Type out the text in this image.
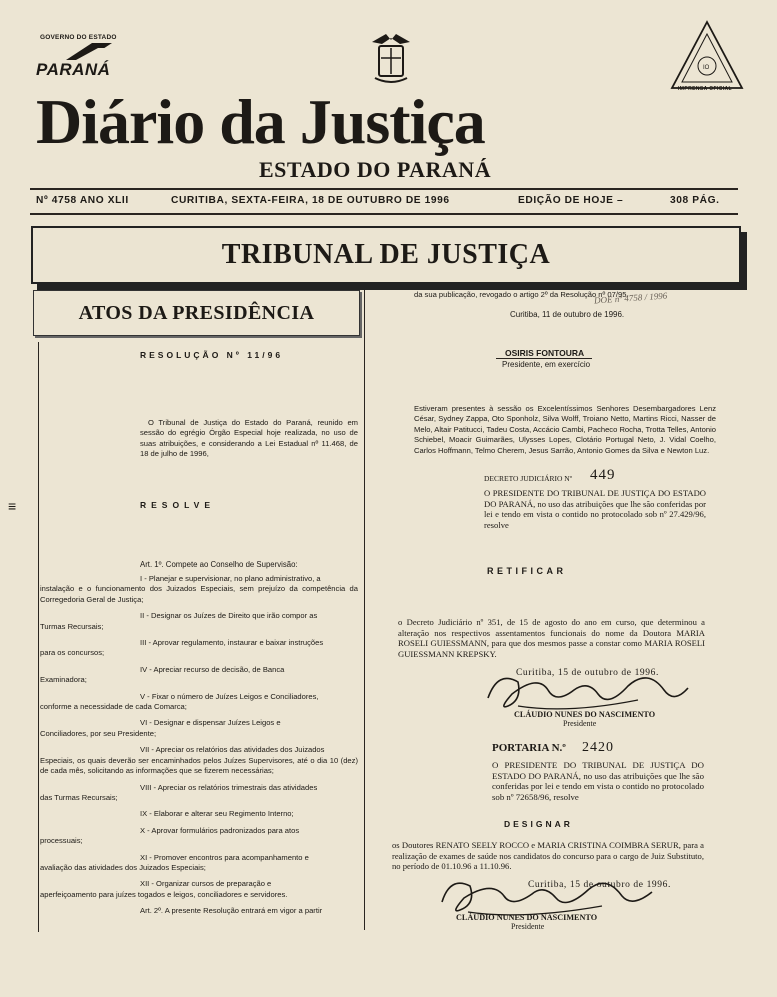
GOVERNO DO ESTADO
PARANÁ	IO
IMPRENSA OFICIAL
Diário da Justiça
ESTADO DO PARANÁ
Nº 4758 ANO XLII	CURITIBA, SEXTA-FEIRA, 18 DE OUTUBRO DE 1996	EDIÇÃO DE HOJE –	308 PÁG.
TRIBUNAL DE JUSTIÇA
ATOS DA PRESIDÊNCIA
≡
RESOLUÇÃO Nº 11/96
O Tribunal de Justiça do Estado do Paraná, reunido em sessão do egrégio Órgão Especial hoje realizada, no uso de suas atribuições, e considerando a Lei Estadual nº 11.468, de 18 de julho de 1996,
RESOLVE
Art. 1º. Compete ao Conselho de Supervisão:
I - Planejar e supervisionar, no plano administrativo, a
instalação e o funcionamento dos Juizados Especiais, sem prejuízo da competência da Corregedoria Geral de Justiça;
II - Designar os Juízes de Direito que irão compor as
Turmas Recursais;
III - Aprovar regulamento, instaurar e baixar instruções
para os concursos;
IV - Apreciar recurso de decisão, de Banca
Examinadora;
V - Fixar o número de Juízes Leigos e Conciliadores,
conforme a necessidade de cada Comarca;
VI - Designar e dispensar Juízes Leigos e
Conciliadores, por seu Presidente;
VII - Apreciar os relatórios das atividades dos Juizados
Especiais, os quais deverão ser encaminhados pelos Juízes Supervisores, até o dia 10 (dez) de cada mês, solicitando as informações que se fizerem necessárias;
VIII - Apreciar os relatórios trimestrais das atividades
das Turmas Recursais;
IX - Elaborar e alterar seu Regimento Interno;
X - Aprovar formulários padronizados para atos
processuais;
XI - Promover encontros para acompanhamento e
avaliação das atividades dos Juizados Especiais;
XII - Organizar cursos de preparação e
aperfeiçoamento para juízes togados e leigos, conciliadores e servidores.
Art. 2º. A presente Resolução entrará em vigor a partir
da sua publicação, revogado o artigo 2º da Resolução nº 07/95.
DOE nº 4758 / 1996
Curitiba, 11 de outubro de 1996.
OSIRIS FONTOURA
Presidente, em exercício
Estiveram presentes à sessão os Excelentíssimos Senhores Desembargadores Lenz César, Sydney Zappa, Oto Sponholz, Silva Wolff, Troiano Netto, Martins Ricci, Nasser de Melo, Altair Patitucci, Tadeu Costa, Accácio Cambi, Pacheco Rocha, Trotta Telles, Antonio Schiebel, Moacir Guimarães, Ulysses Lopes, Clotário Portugal Neto, J. Vidal Coelho, Carlos Hoffmann, Telmo Cherem, Jesus Sarrão, Antonio Gomes da Silva e Newton Luz.
DECRETO JUDICIÁRIO Nº 449
O PRESIDENTE DO TRIBUNAL DE JUSTIÇA DO ESTADO DO PARANÁ, no uso das atribuições que lhe são conferidas por lei e tendo em vista o contido no protocolado sob nº 27.429/96, resolve
RETIFICAR
o Decreto Judiciário nº 351, de 15 de agosto do ano em curso, que determinou a alteração nos respectivos assentamentos funcionais do nome da Doutora MARIA ROSELI GUIESSMANN, para que dos mesmos passe a constar como MARIA ROSELI GUIESSMANN KREPSKY.
Curitiba, 15 de outubro de 1996.
CLÁUDIO NUNES DO NASCIMENTO
Presidente
PORTARIA N.º 2420
O PRESIDENTE DO TRIBUNAL DE JUSTIÇA DO ESTADO DO PARANÁ, no uso das atribuições que lhe são conferidas por lei e tendo em vista o contido no protocolado sob nº 72658/96, resolve
DESIGNAR
os Doutores RENATO SEELY ROCCO e MARIA CRISTINA COIMBRA SERUR, para a realização de exames de saúde nos candidatos do concurso para o cargo de Juiz Substituto, no período de 01.10.96 a 11.10.96.
Curitiba, 15 de outubro de 1996.
CLÁUDIO NUNES DO NASCIMENTO
Presidente
